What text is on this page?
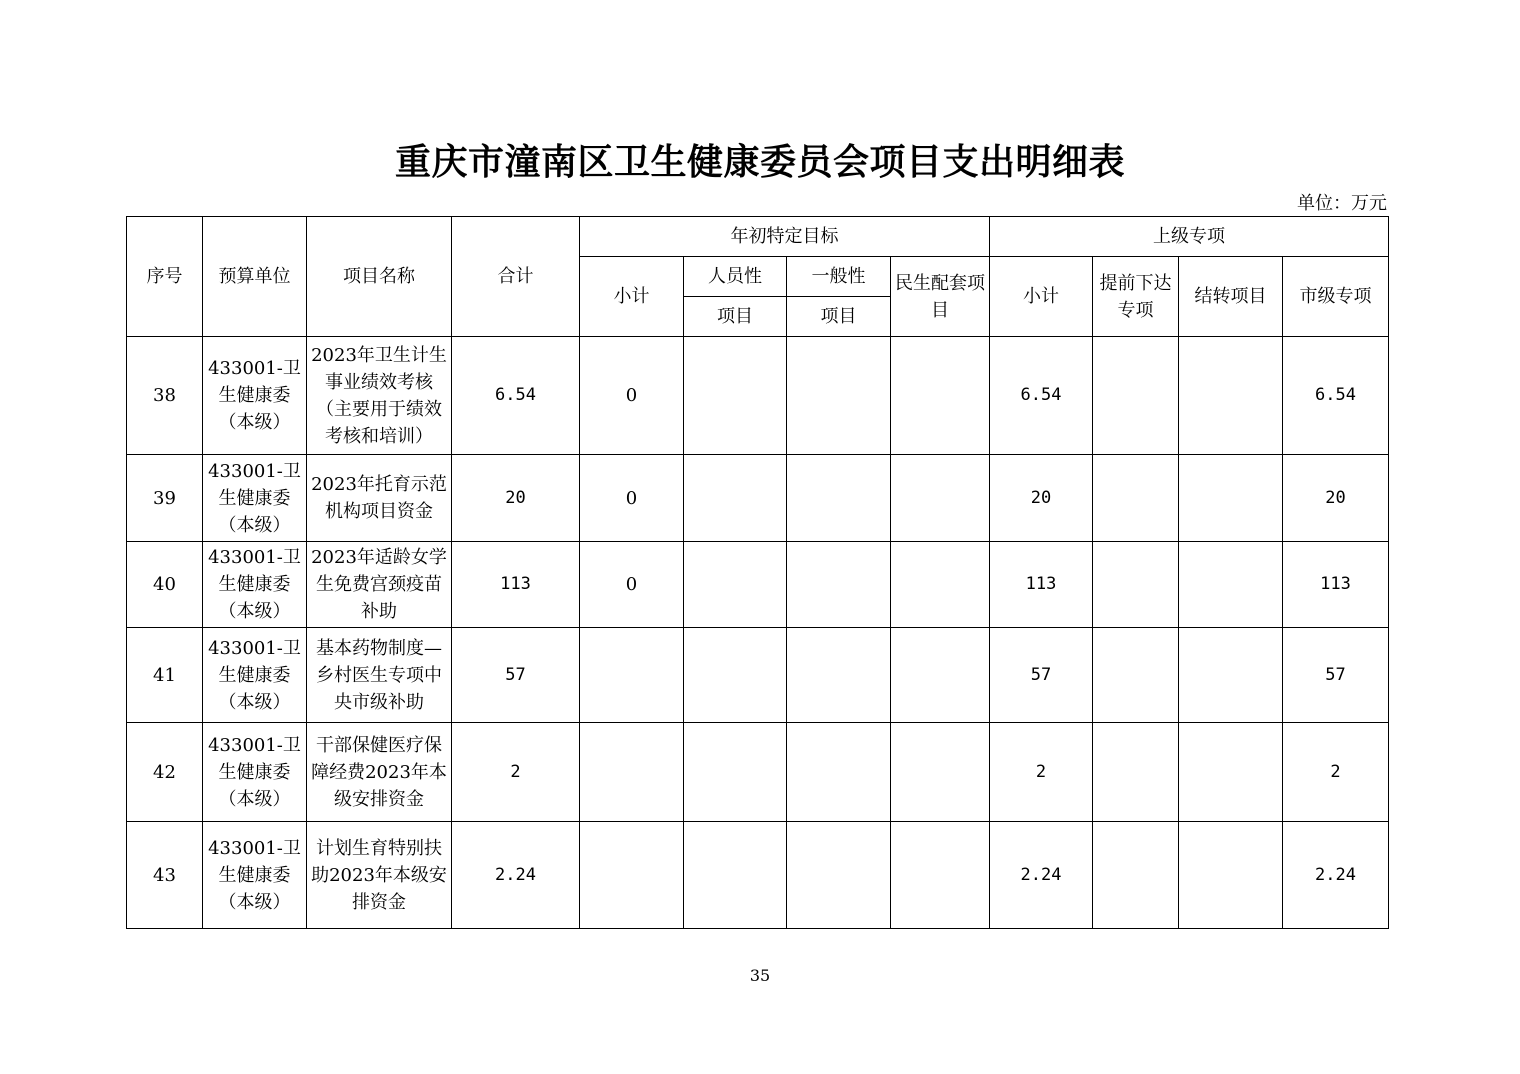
重庆市潼南区卫生健康委员会项目支出明细表
单位：万元
序号	预算单位	项目名称	合计	年初特定目标				上级专项			
				小计	人员性	一般性	民生配套项目	小计	提前下达专项	结转项目	市级专项
					项目	项目					
38	433001-卫生健康委（本级）	2023年卫生计生事业绩效考核（主要用于绩效考核和培训）	6.54	0				6.54			6.54
39	433001-卫生健康委（本级）	2023年托育示范机构项目资金	20	0				20			20
40	433001-卫生健康委（本级）	2023年适龄女学生免费宫颈疫苗补助	113	0				113			113
41	433001-卫生健康委（本级）	基本药物制度—乡村医生专项中央市级补助	57					57			57
42	433001-卫生健康委（本级）	干部保健医疗保障经费2023年本级安排资金	2					2			2
43	433001-卫生健康委（本级）	计划生育特别扶助2023年本级安排资金	2.24					2.24			2.24
35
